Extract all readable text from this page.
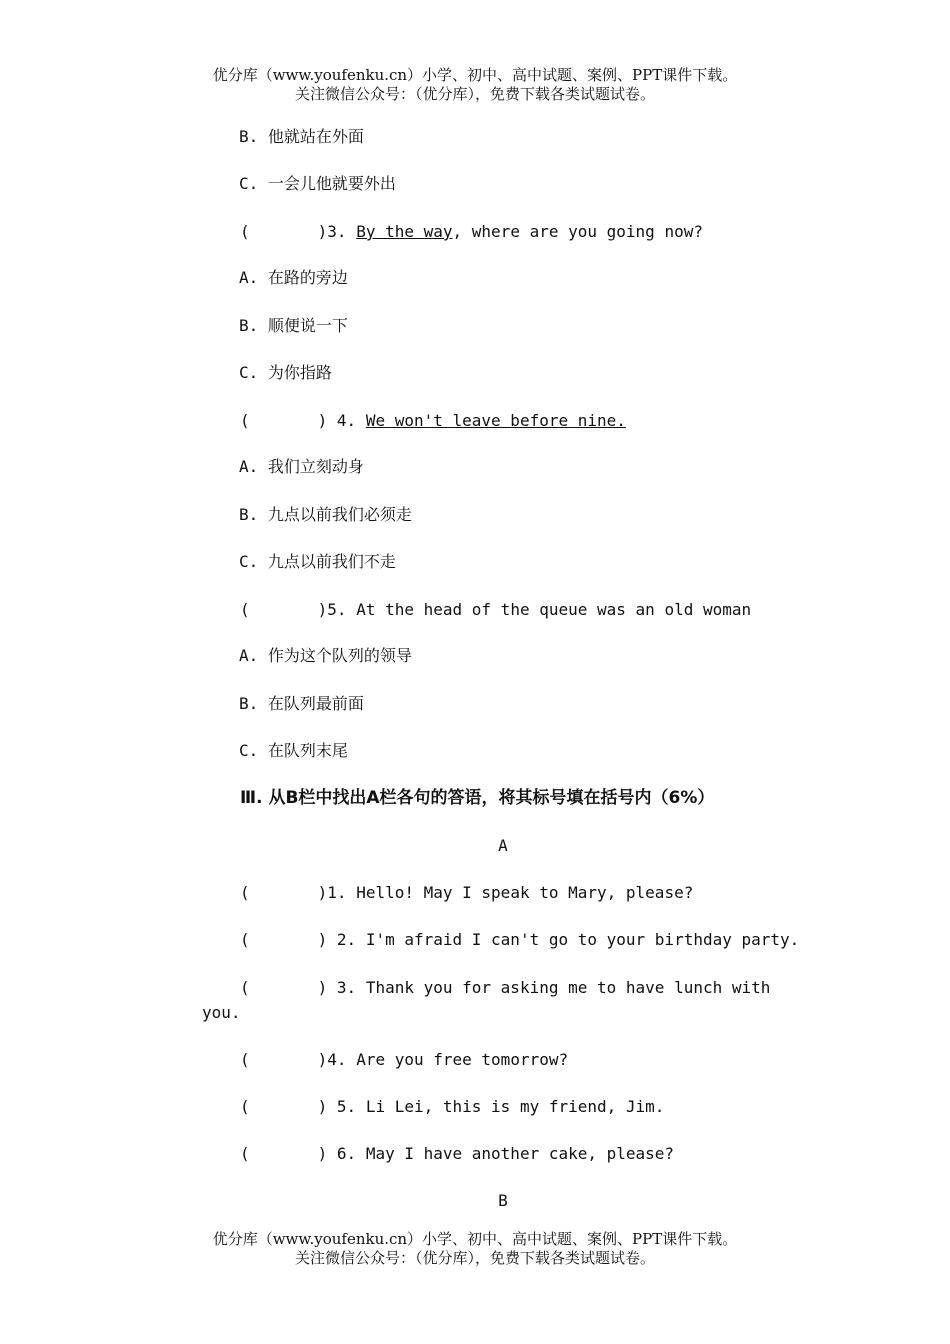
优分库（www.youfenku.cn）小学、初中、高中试题、案例、PPT课件下载。
关注微信公众号：（优分库），免费下载各类试题试卷。
B. 他就站在外面
C. 一会儿他就要外出
(	)3. By the way, where are you going now?
A. 在路的旁边
B. 顺便说一下
C. 为你指路
(	) 4. We won't leave before nine.
A. 我们立刻动身
B. 九点以前我们必须走
C. 九点以前我们不走
(	)5. At the head of the queue was an old woman
A. 作为这个队列的领导
B. 在队列最前面
C. 在队列末尾
Ⅲ. 从B栏中找出A栏各句的答语，将其标号填在括号内（6%）
A
(	)1. Hello! May I speak to Mary, please?
(	) 2. I'm afraid I can't go to your birthday party.
(	) 3. Thank you for asking me to have lunch with
you.
(	)4. Are you free tomorrow?
(	) 5. Li Lei, this is my friend, Jim.
(	) 6. May I have another cake, please?
B
优分库（www.youfenku.cn）小学、初中、高中试题、案例、PPT课件下载。
关注微信公众号：（优分库），免费下载各类试题试卷。
